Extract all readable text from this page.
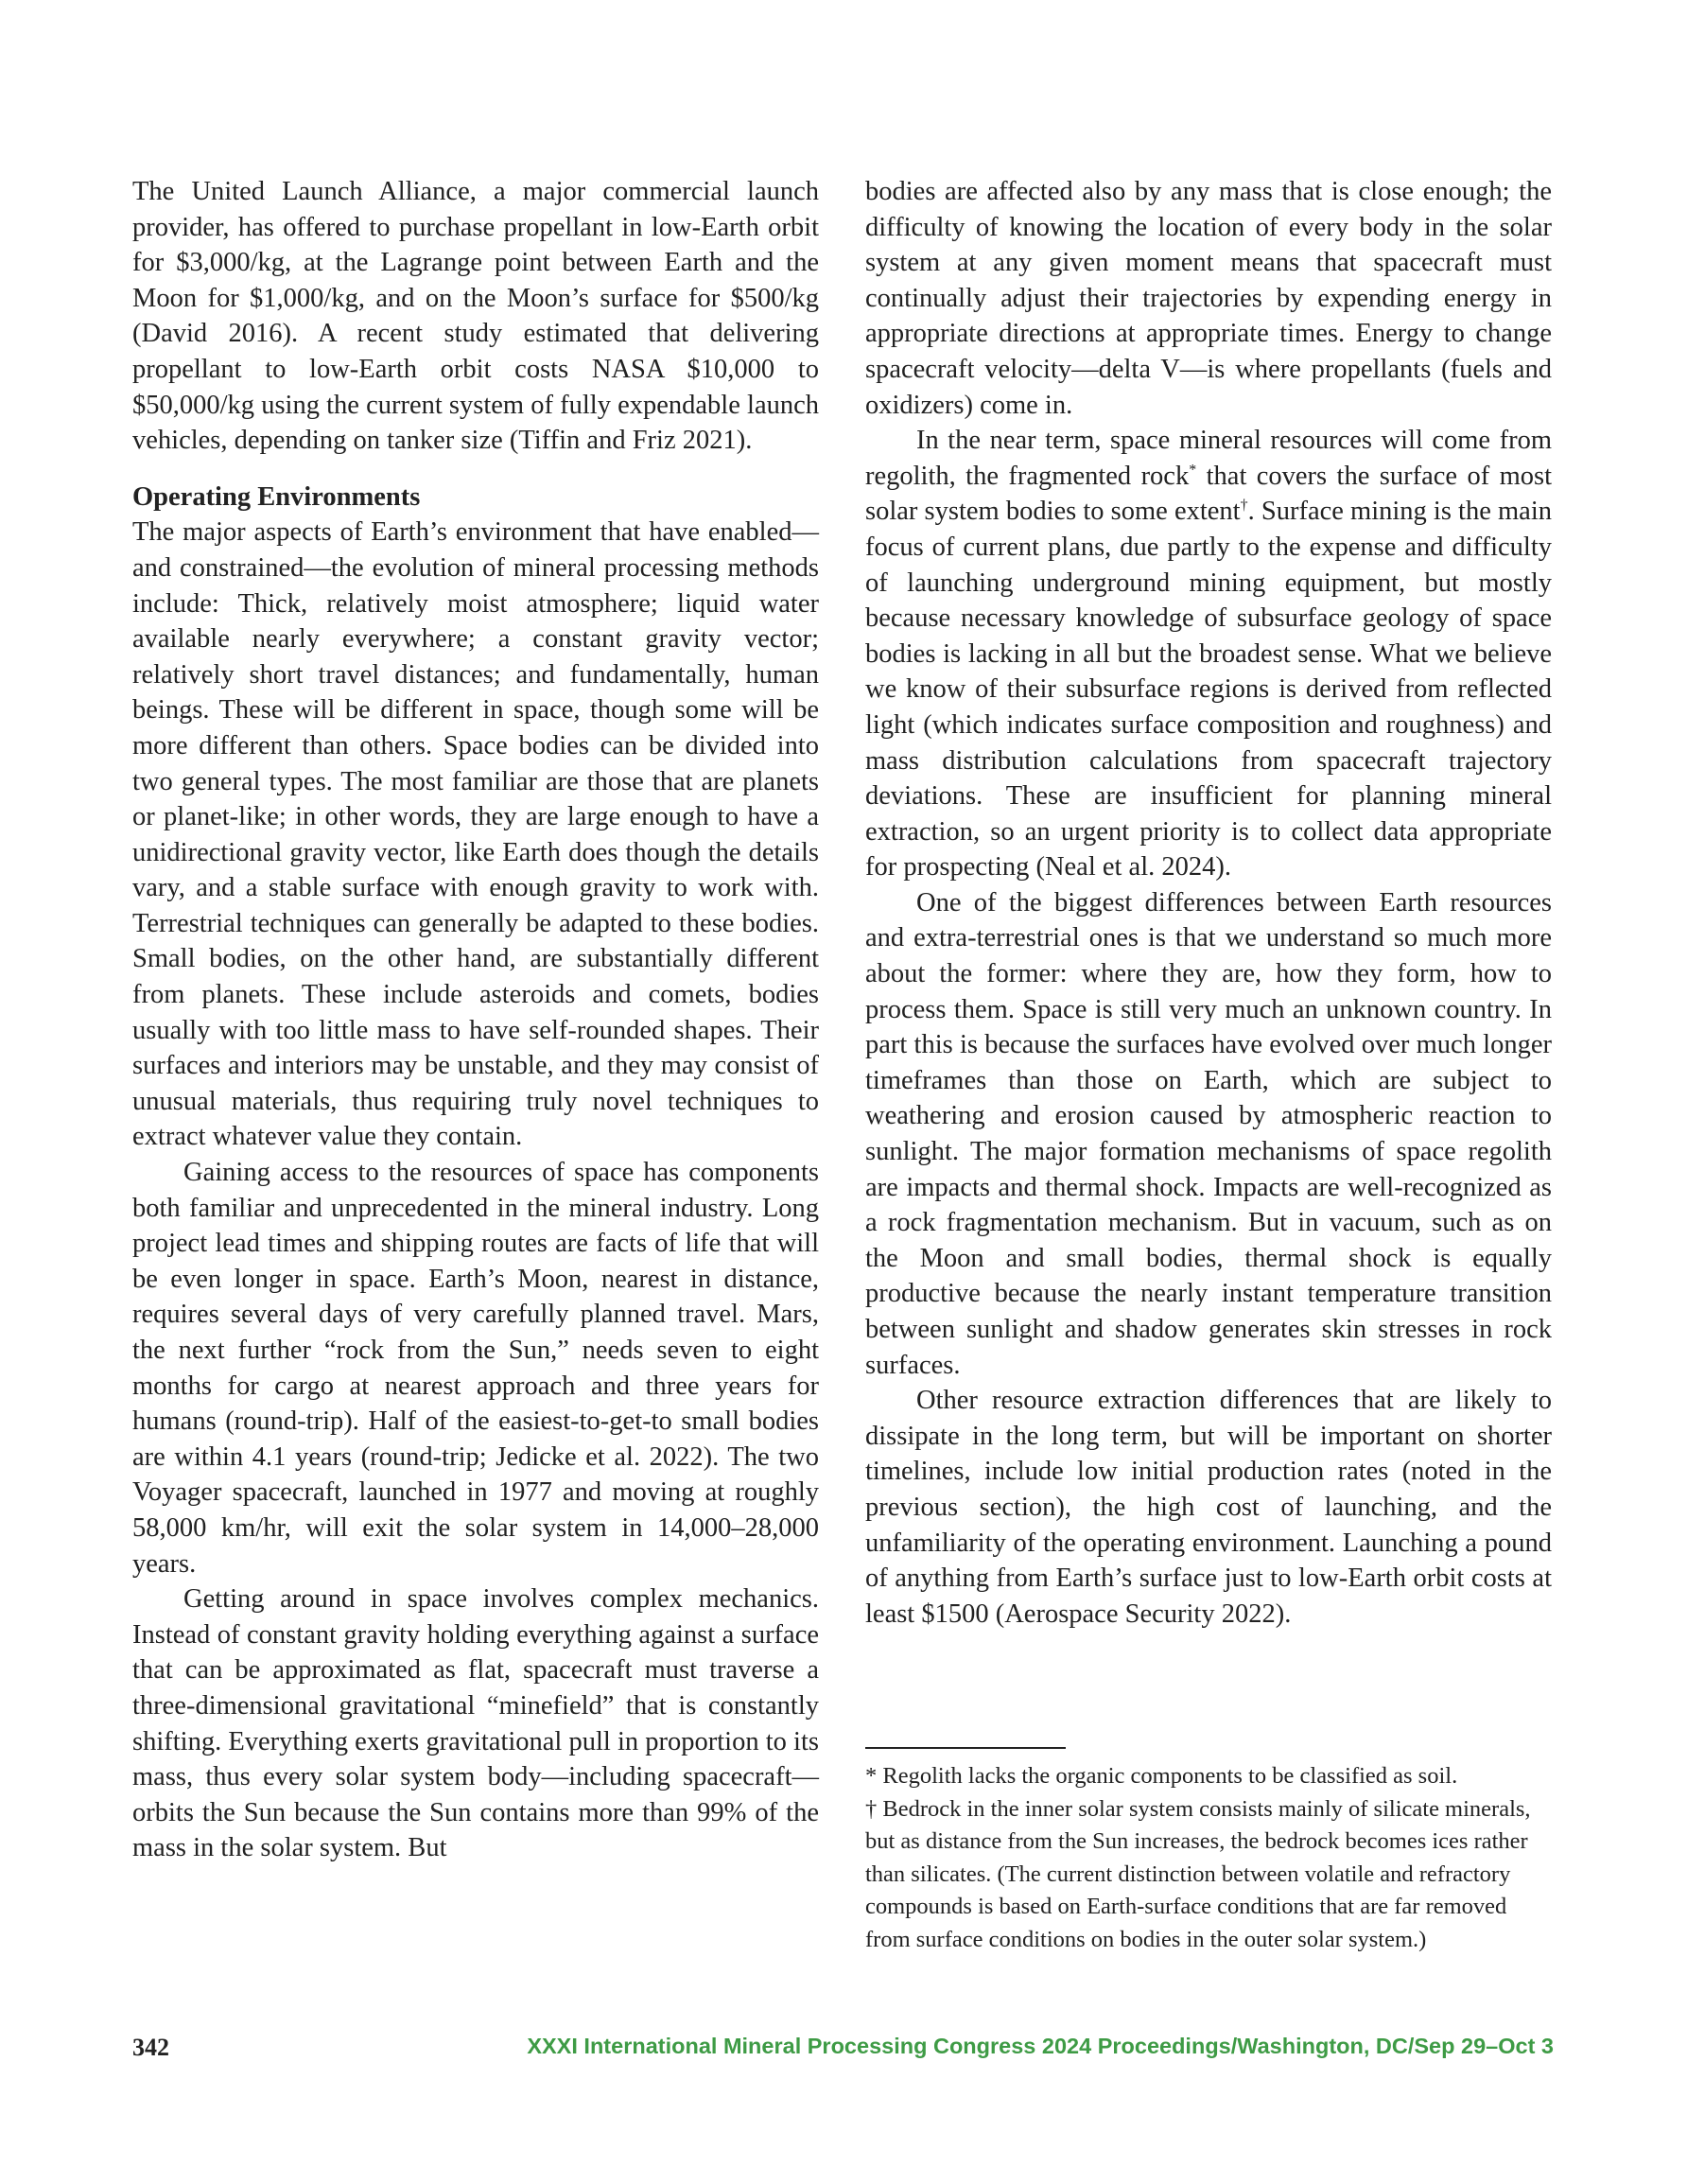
The United Launch Alliance, a major commercial launch provider, has offered to purchase propellant in low-Earth orbit for $3,000/kg, at the Lagrange point between Earth and the Moon for $1,000/kg, and on the Moon’s surface for $500/kg (David 2016). A recent study estimated that delivering propellant to low-Earth orbit costs NASA $10,000 to $50,000/kg using the current system of fully expendable launch vehicles, depending on tanker size (Tiffin and Friz 2021).

Operating Environments

The major aspects of Earth’s environment that have enabled—and constrained—the evolution of mineral processing methods include: Thick, relatively moist atmosphere; liquid water available nearly everywhere; a constant gravity vector; relatively short travel distances; and fundamentally, human beings. These will be different in space, though some will be more different than others. Space bodies can be divided into two general types. The most familiar are those that are planets or planet-like; in other words, they are large enough to have a unidirectional gravity vector, like Earth does though the details vary, and a stable surface with enough gravity to work with. Terrestrial techniques can generally be adapted to these bodies. Small bodies, on the other hand, are substantially different from planets. These include asteroids and comets, bodies usually with too little mass to have self-rounded shapes. Their surfaces and interiors may be unstable, and they may consist of unusual materials, thus requiring truly novel techniques to extract whatever value they contain.

Gaining access to the resources of space has components both familiar and unprecedented in the mineral industry. Long project lead times and shipping routes are facts of life that will be even longer in space. Earth’s Moon, nearest in distance, requires several days of very carefully planned travel. Mars, the next further “rock from the Sun,” needs seven to eight months for cargo at nearest approach and three years for humans (round-trip). Half of the easiest-to-get-to small bodies are within 4.1 years (round-trip; Jedicke et al. 2022). The two Voyager spacecraft, launched in 1977 and moving at roughly 58,000 km/hr, will exit the solar system in 14,000–28,000 years.

Getting around in space involves complex mechanics. Instead of constant gravity holding everything against a surface that can be approximated as flat, spacecraft must traverse a three-dimensional gravitational “minefield” that is constantly shifting. Everything exerts gravitational pull in proportion to its mass, thus every solar system body—including spacecraft—orbits the Sun because the Sun contains more than 99% of the mass in the solar system. But

bodies are affected also by any mass that is close enough; the difficulty of knowing the location of every body in the solar system at any given moment means that spacecraft must continually adjust their trajectories by expending energy in appropriate directions at appropriate times. Energy to change spacecraft velocity—delta V—is where propellants (fuels and oxidizers) come in.

In the near term, space mineral resources will come from regolith, the fragmented rock* that covers the surface of most solar system bodies to some extent†. Surface mining is the main focus of current plans, due partly to the expense and difficulty of launching underground mining equipment, but mostly because necessary knowledge of subsurface geology of space bodies is lacking in all but the broadest sense. What we believe we know of their subsurface regions is derived from reflected light (which indicates surface composition and roughness) and mass distribution calculations from spacecraft trajectory deviations. These are insufficient for planning mineral extraction, so an urgent priority is to collect data appropriate for prospecting (Neal et al. 2024).

One of the biggest differences between Earth resources and extra-terrestrial ones is that we understand so much more about the former: where they are, how they form, how to process them. Space is still very much an unknown country. In part this is because the surfaces have evolved over much longer timeframes than those on Earth, which are subject to weathering and erosion caused by atmospheric reaction to sunlight. The major formation mechanisms of space regolith are impacts and thermal shock. Impacts are well-recognized as a rock fragmentation mechanism. But in vacuum, such as on the Moon and small bodies, thermal shock is equally productive because the nearly instant temperature transition between sunlight and shadow generates skin stresses in rock surfaces.

Other resource extraction differences that are likely to dissipate in the long term, but will be important on shorter timelines, include low initial production rates (noted in the previous section), the high cost of launching, and the unfamiliarity of the operating environment. Launching a pound of anything from Earth’s surface just to low-Earth orbit costs at least $1500 (Aerospace Security 2022).

* Regolith lacks the organic components to be classified as soil.

† Bedrock in the inner solar system consists mainly of silicate minerals, but as distance from the Sun increases, the bedrock becomes ices rather than silicates. (The current distinction between volatile and refractory compounds is based on Earth-surface conditions that are far removed from surface conditions on bodies in the outer solar system.)

342	XXXI International Mineral Processing Congress 2024 Proceedings/Washington, DC/Sep 29–Oct 3
